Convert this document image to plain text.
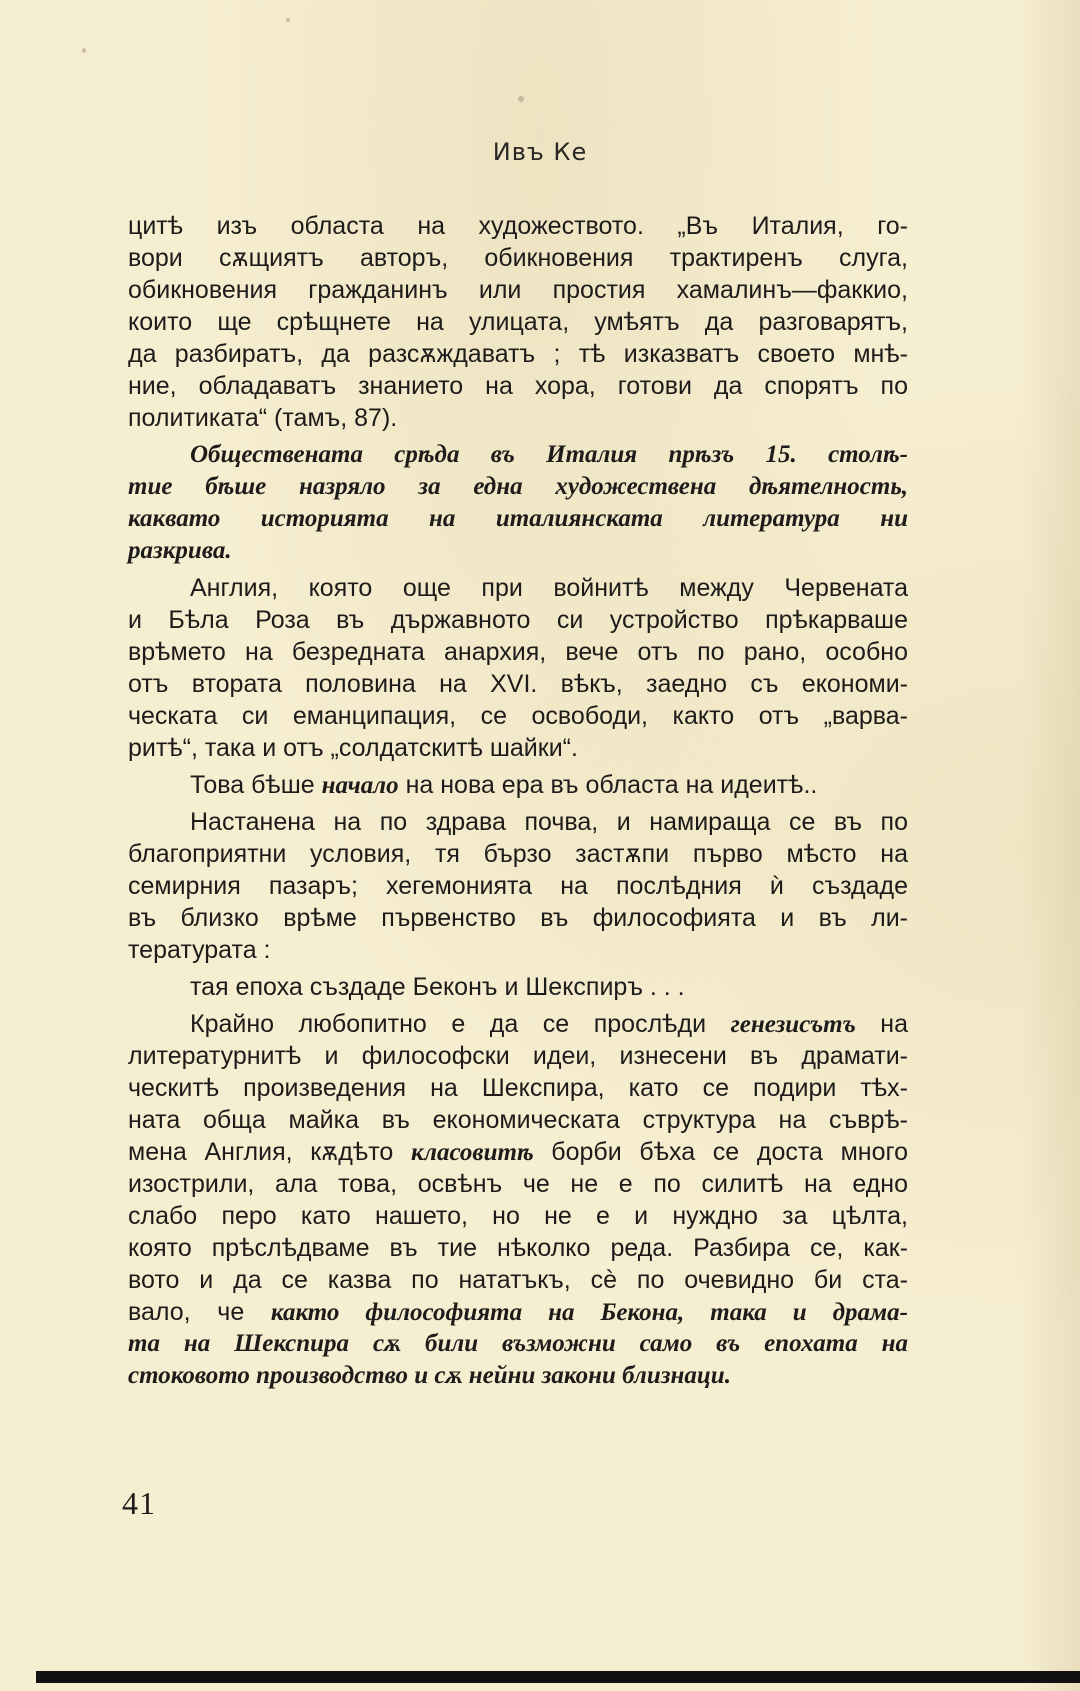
Ивъ Ке
цитѣ изъ областа на художеството. „Въ Италия, го-
вори сѫщиятъ авторъ, обикновения трактиренъ слуга,
обикновения гражданинъ или простия хамалинъ—факкио,
които ще срѣщнете на улицата, умѣятъ да разговарятъ,
да разбиратъ, да разсѫждаватъ ; тѣ изказватъ своето мнѣ-
ние, обладаватъ знанието на хора, готови да спорятъ по
политиката“ (тамъ, 87).
Обществената срѣда въ Италия прѣзъ 15. столѣ-
тие бѣше назряло за една художествена дѣятелность,
каквато историята на италиянската литература ни
разкрива.
Англия, която още при войнитѣ между Червената
и Бѣла Роза въ държавното си устройство прѣкарваше
врѣмето на безредната анархия, вече отъ по рано, особно
отъ втората половина на XVI. вѣкъ, заедно съ економи-
ческата си еманципация, се освободи, както отъ „варва-
ритѣ“, така и отъ „солдатскитѣ шайки“.
Това бѣше начало на нова ера въ областа на идеитѣ..
Настанена на по здрава почва, и намираща се въ по
благоприятни условия, тя бързо застѫпи първо мѣсто на
семирния пазаръ; хегемонията на послѣдния ѝ създаде
въ близко врѣме първенство въ философията и въ ли-
тературата :
тая епоха създаде Беконъ и Шекспиръ . . .
Крайно любопитно е да се прослѣди генезисътъ на
литературнитѣ и философски идеи, изнесени въ драмати-
ческитѣ произведения на Шекспира, като се подири тѣх-
ната обща майка въ економическата структура на съврѣ-
мена Англия, кѫдѣто класовитѣ борби бѣха се доста много
изострили, ала това, освѣнъ че не е по силитѣ на едно
слабо перо като нашето, но не е и нуждно за цѣлта,
която прѣслѣдваме въ тие нѣколко реда. Разбира се, как-
вото и да се казва по нататъкъ, сѐ по очевидно би ста-
вало, че както философията на Бекона, така и драма-
та на Шекспира сѫ били възможни само въ епохата на
стоковото производство и сѫ нейни закони близнаци.
41
